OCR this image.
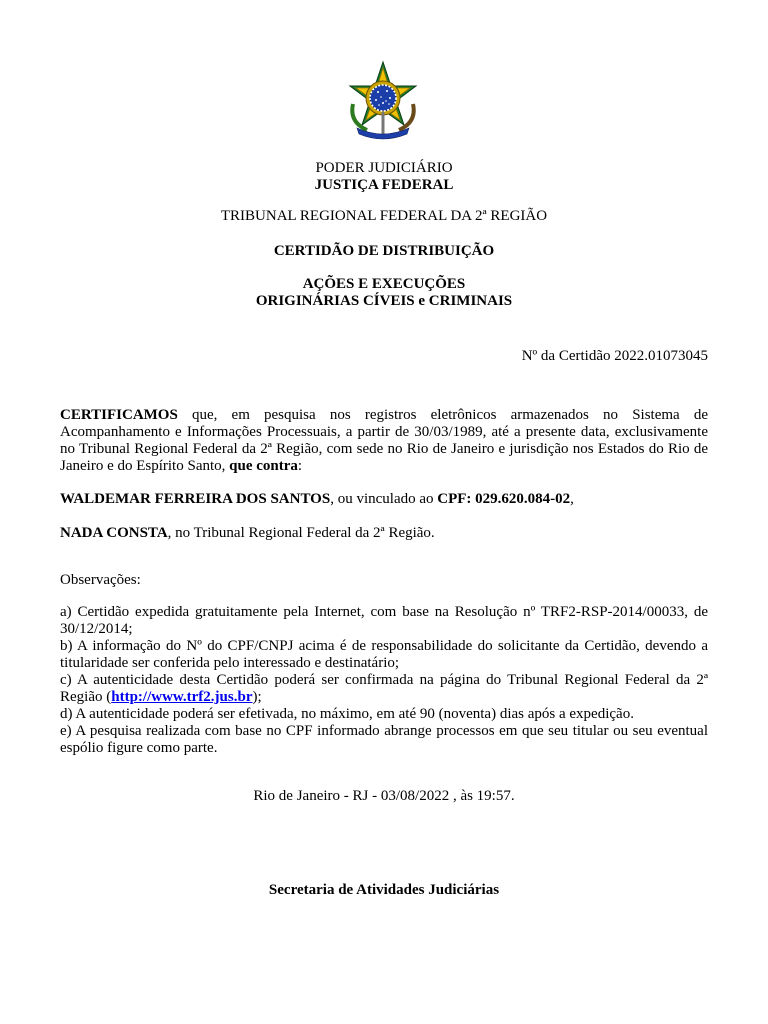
PODER JUDICIÁRIO

JUSTIÇA FEDERAL

TRIBUNAL REGIONAL FEDERAL DA 2ª REGIÃO

CERTIDÃO DE DISTRIBUIÇÃO

AÇÕES E EXECUÇÕES

ORIGINÁRIAS CÍVEIS e CRIMINAIS

Nº da Certidão 2022.01073045

CERTIFICAMOS que, em pesquisa nos registros eletrônicos armazenados no Sistema de Acompanhamento e Informações Processuais, a partir de 30/03/1989, até a presente data, exclusivamente no Tribunal Regional Federal da 2ª Região, com sede no Rio de Janeiro e jurisdição nos Estados do Rio de Janeiro e do Espírito Santo, que contra:

WALDEMAR FERREIRA DOS SANTOS, ou vinculado ao CPF: 029.620.084-02,

NADA CONSTA, no Tribunal Regional Federal da 2ª Região.

Observações:

a) Certidão expedida gratuitamente pela Internet, com base na Resolução nº TRF2-RSP-2014/00033, de 30/12/2014;

b) A informação do Nº do CPF/CNPJ acima é de responsabilidade do solicitante da Certidão, devendo a titularidade ser conferida pelo interessado e destinatário;

c) A autenticidade desta Certidão poderá ser confirmada na página do Tribunal Regional Federal da 2ª Região (http://www.trf2.jus.br);

d) A autenticidade poderá ser efetivada, no máximo, em até 90 (noventa) dias após a expedição.

e) A pesquisa realizada com base no CPF informado abrange processos em que seu titular ou seu eventual espólio figure como parte.

Rio de Janeiro - RJ - 03/08/2022 , às 19:57.

Secretaria de Atividades Judiciárias
